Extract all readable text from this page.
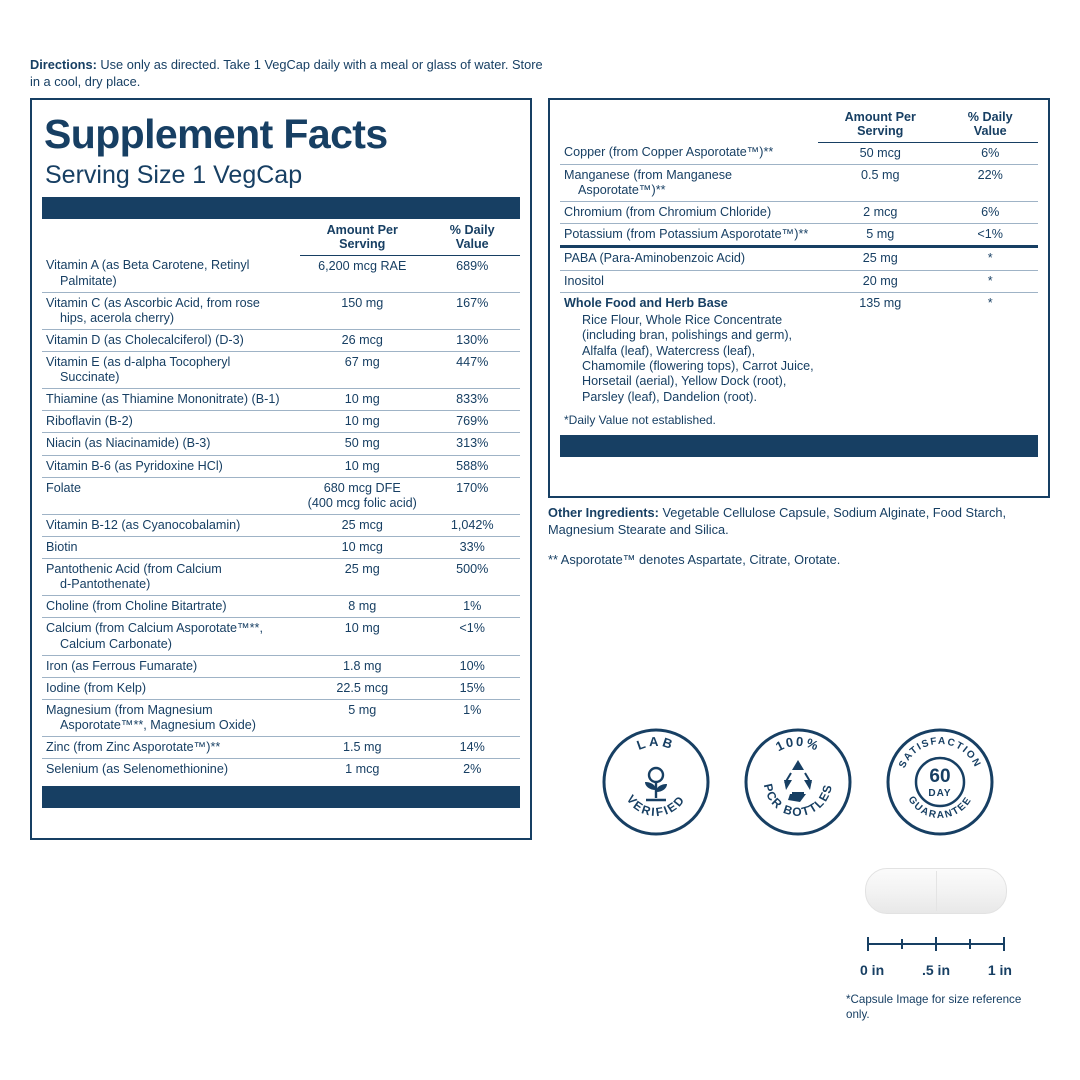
Directions: Use only as directed. Take 1 VegCap daily with a meal or glass of water. Store in a cool, dry place.
Supplement Facts
Serving Size 1 VegCap

	Amount Per
Serving	% Daily
Value

Vitamin A (as Beta Carotene, Retinyl
Palmitate)	6,200 mcg RAE	689%
Vitamin C (as Ascorbic Acid, from rose
hips, acerola cherry)	150 mg	167%
Vitamin D (as Cholecalciferol) (D-3)	26 mcg	130%
Vitamin E (as d-alpha Tocopheryl
Succinate)	67 mg	447%
Thiamine (as Thiamine Mononitrate) (B-1)	10 mg	833%
Riboflavin (B-2)	10 mg	769%
Niacin (as Niacinamide) (B-3)	50 mg	313%
Vitamin B-6 (as Pyridoxine HCl)	10 mg	588%
Folate	680 mcg DFE
(400 mcg folic acid)	170%
Vitamin B-12 (as Cyanocobalamin)	25 mcg	1,042%
Biotin	10 mcg	33%
Pantothenic Acid (from Calcium
d-Pantothenate)	25 mg	500%
Choline (from Choline Bitartrate)	8 mg	1%
Calcium (from Calcium Asporotate™**,
Calcium Carbonate)	10 mg	<1%
Iron (as Ferrous Fumarate)	1.8 mg	10%
Iodine (from Kelp)	22.5 mcg	15%
Magnesium (from Magnesium
Asporotate™**, Magnesium Oxide)	5 mg	1%
Zinc (from Zinc Asporotate™)**	1.5 mg	14%
Selenium (as Selenomethionine)	1 mcg	2%

	Amount Per
Serving	% Daily
Value

Copper (from Copper Asporotate™)**	50 mcg	6%
Manganese (from Manganese
Asporotate™)**	0.5 mg	22%
Chromium (from Chromium Chloride)	2 mcg	6%
Potassium (from Potassium Asporotate™)**	5 mg	<1%
PABA (Para-Aminobenzoic Acid)	25 mg	*
Inositol	20 mg	*
Whole Food and Herb Base
Rice Flour, Whole Rice Concentrate (including bran, polishings and germ), Alfalfa (leaf), Watercress (leaf), Chamomile (flowering tops), Carrot Juice, Horsetail (aerial), Yellow Dock (root), Parsley (leaf), Dandelion (root).	135 mg	*
*Daily Value not established.
Other Ingredients: Vegetable Cellulose Capsule, Sodium Alginate, Food Starch, Magnesium Stearate and Silica.
** Asporotate™ denotes Aspartate, Citrate, Orotate.
LAB
VERIFIED
100%
PCR BOTTLES
SATISFACTION
GUARANTEE
60
DAY
0 in	.5 in	1 in
*Capsule Image for size reference only.
